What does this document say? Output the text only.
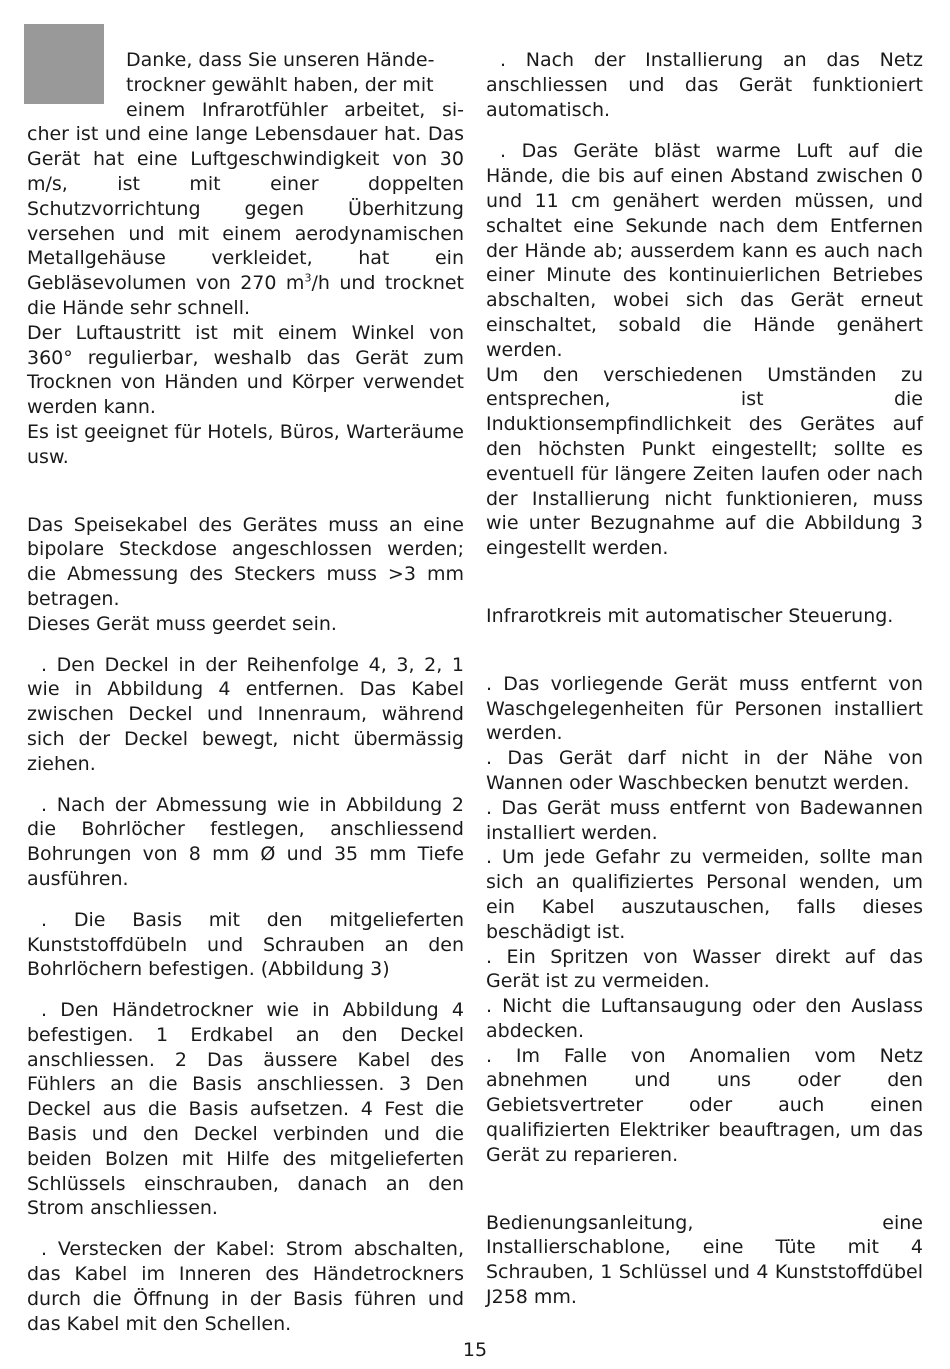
Danke, dass Sie unseren Hände-
trockner gewählt haben, der mit
einem Infrarotfühler arbeitet, si- cher ist und eine lange Lebensdauer hat. Das Gerät hat eine Luftgeschwindigkeit von 30 m/s, ist mit einer doppelten Schutzvorrichtung gegen Überhitzung versehen und mit einem aerodynamischen Metallgehäuse verkleidet, hat ein Gebläsevolumen von 270 $m^3/h$ und trocknet die Hände sehr schnell.

Der Luftaustritt ist mit einem Winkel von 360° regulierbar, weshalb das Gerät zum Trocknen von Händen und Körper verwendet werden kann.

Es ist geeignet für Hotels, Büros, Warteräume usw.

Das Speisekabel des Gerätes muss an eine bipolare Steckdose angeschlossen werden; die Abmessung des Steckers muss >3 mm betragen.

Dieses Gerät muss geerdet sein.

. Den Deckel in der Reihenfolge 4, 3, 2, 1 wie in Abbildung 4 entfernen. Das Kabel zwischen Deckel und Innenraum, während sich der Deckel bewegt, nicht übermässig ziehen.

. Nach der Abmessung wie in Abbildung 2 die Bohrlöcher festlegen, anschliessend Bohrungen von 8 mm Ø und 35 mm Tiefe ausführen.

. Die Basis mit den mitgelieferten Kunststoffdübeln und Schrauben an den Bohrlöchern befestigen. (Abbildung 3)

. Den Händetrockner wie in Abbildung 4 befestigen. 1 Erdkabel an den Deckel anschliessen. 2 Das äussere Kabel des Fühlers an die Basis anschliessen. 3 Den Deckel aus die Basis aufsetzen. 4 Fest die Basis und den Deckel verbinden und die beiden Bolzen mit Hilfe des mitgelieferten Schlüssels einschrauben, danach an den Strom anschliessen.

. Verstecken der Kabel: Strom abschalten, das Kabel im Inneren des Händetrockners durch die Öffnung in der Basis führen und das Kabel mit den Schellen.

. Nach der Installierung an das Netz anschliessen und das Gerät funktioniert automatisch.

. Das Geräte bläst warme Luft auf die Hände, die bis auf einen Abstand zwischen 0 und 11 cm genähert werden müssen, und schaltet eine Sekunde nach dem Entfernen der Hände ab; ausserdem kann es auch nach einer Minute des kontinuierlichen Betriebes abschalten, wobei sich das Gerät erneut einschaltet, sobald die Hände genähert werden.

Um den verschiedenen Umständen zu entsprechen, ist die Induktionsempfindlichkeit des Gerätes auf den höchsten Punkt eingestellt; sollte es eventuell für längere Zeiten laufen oder nach der Installierung nicht funktionieren, muss wie unter Bezugnahme auf die Abbildung 3 eingestellt werden.

Infrarotkreis mit automatischer Steuerung.

. Das vorliegende Gerät muss entfernt von Waschgelegenheiten für Personen installiert werden.

. Das Gerät darf nicht in der Nähe von Wannen oder Waschbecken benutzt werden.

. Das Gerät muss entfernt von Badewannen installiert werden.

. Um jede Gefahr zu vermeiden, sollte man sich an qualifiziertes Personal wenden, um ein Kabel auszutauschen, falls dieses beschädigt ist.

. Ein Spritzen von Wasser direkt auf das Gerät ist zu vermeiden.

. Nicht die Luftansaugung oder den Auslass abdecken.

. Im Falle von Anomalien vom Netz abnehmen und uns oder den Gebietsvertreter oder auch einen qualifizierten Elektriker beauftragen, um das Gerät zu reparieren.

Bedienungsanleitung, eine Installierschablone, eine Tüte mit 4 Schrauben, 1 Schlüssel und 4 Kunststoffdübel J258 mm.

15
